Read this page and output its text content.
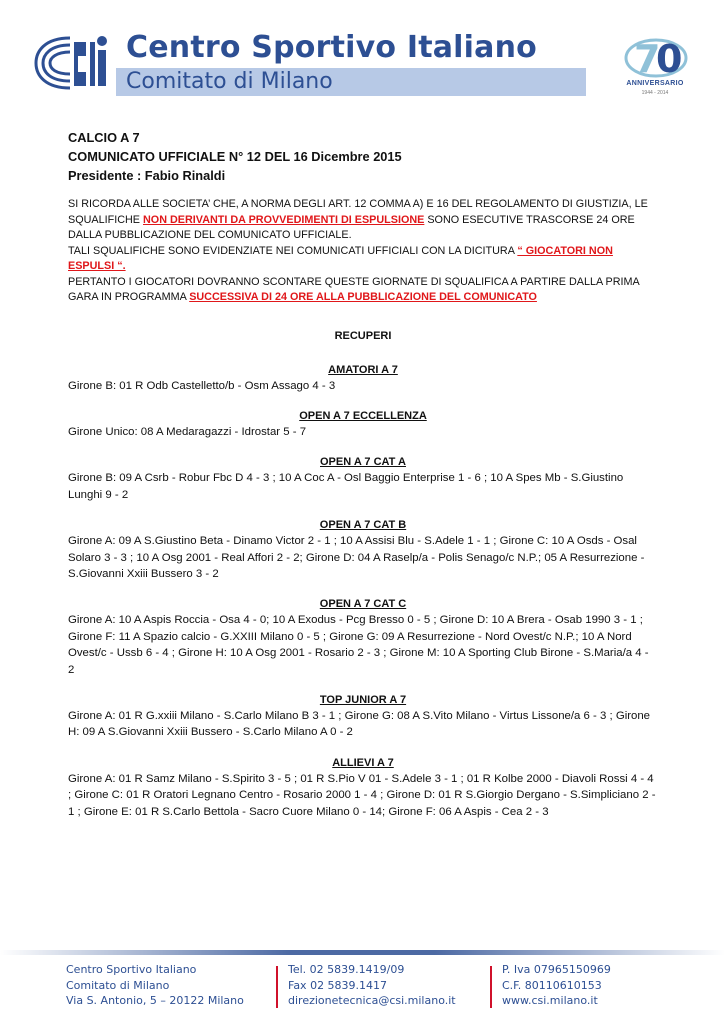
Centro Sportivo Italiano
Comitato di Milano
7
0
ANNIVERSARIO
1944 - 2014
CALCIO A 7
COMUNICATO UFFICIALE N° 12 DEL 16 Dicembre 2015
Presidente : Fabio Rinaldi
SI RICORDA ALLE SOCIETA’ CHE, A NORMA DEGLI ART. 12 COMMA A) E 16 DEL REGOLAMENTO DI GIUSTIZIA, LE SQUALIFICHE NON DERIVANTI DA PROVVEDIMENTI DI ESPULSIONE SONO ESECUTIVE TRASCORSE 24 ORE DALLA PUBBLICAZIONE DEL COMUNICATO UFFICIALE.
TALI SQUALIFICHE SONO EVIDENZIATE NEI COMUNICATI UFFICIALI CON LA DICITURA “ GIOCATORI NON ESPULSI “.
PERTANTO I GIOCATORI DOVRANNO SCONTARE QUESTE GIORNATE DI SQUALIFICA A PARTIRE DALLA PRIMA GARA IN PROGRAMMA SUCCESSIVA DI 24 ORE ALLA PUBBLICAZIONE DEL COMUNICATO
RECUPERI
AMATORI A 7
Girone B: 01 R Odb Castelletto/b - Osm Assago 4 - 3
OPEN A 7 ECCELLENZA
Girone Unico: 08 A Medaragazzi - Idrostar 5 - 7
OPEN A 7 CAT A
Girone B: 09 A Csrb - Robur Fbc D 4 - 3 ; 10 A Coc A - Osl Baggio Enterprise 1 - 6 ; 10 A Spes Mb - S.Giustino Lunghi 9 - 2
OPEN A 7 CAT B
Girone A: 09 A S.Giustino Beta - Dinamo Victor 2 - 1 ; 10 A Assisi Blu - S.Adele 1 - 1 ; Girone C: 10 A Osds - Osal Solaro 3 - 3 ; 10 A Osg 2001 - Real Affori 2 - 2; Girone D: 04 A Raselp/a - Polis Senago/c N.P.; 05 A Resurrezione - S.Giovanni Xxiii Bussero 3 - 2
OPEN A 7 CAT C
Girone A: 10 A Aspis Roccia - Osa 4 - 0; 10 A Exodus - Pcg Bresso 0 - 5 ; Girone D: 10 A Brera - Osab 1990 3 - 1 ; Girone F: 11 A Spazio calcio - G.XXIII Milano 0 - 5 ; Girone G: 09 A Resurrezione - Nord Ovest/c N.P.; 10 A Nord Ovest/c - Ussb 6 - 4 ; Girone H: 10 A Osg 2001 - Rosario 2 - 3 ; Girone M: 10 A Sporting Club Birone - S.Maria/a 4 - 2
TOP JUNIOR A 7
Girone A: 01 R G.xxiii Milano - S.Carlo Milano B 3 - 1 ; Girone G: 08 A S.Vito Milano - Virtus Lissone/a 6 - 3 ; Girone H: 09 A S.Giovanni Xxiii Bussero - S.Carlo Milano A 0 - 2
ALLIEVI A 7
Girone A: 01 R Samz Milano - S.Spirito 3 - 5 ; 01 R S.Pio V 01 - S.Adele 3 - 1 ; 01 R Kolbe 2000 - Diavoli Rossi 4 - 4 ; Girone C: 01 R Oratori Legnano Centro - Rosario 2000 1 - 4 ; Girone D: 01 R S.Giorgio Dergano - S.Simpliciano 2 - 1 ; Girone E: 01 R S.Carlo Bettola - Sacro Cuore Milano 0 - 14; Girone F: 06 A Aspis - Cea 2 - 3
Centro Sportivo Italiano
Comitato di Milano
Via S. Antonio, 5 – 20122 Milano
Tel. 02 5839.1419/09
Fax 02 5839.1417
direzionetecnica@csi.milano.it
P. Iva 07965150969
C.F. 80110610153
www.csi.milano.it
